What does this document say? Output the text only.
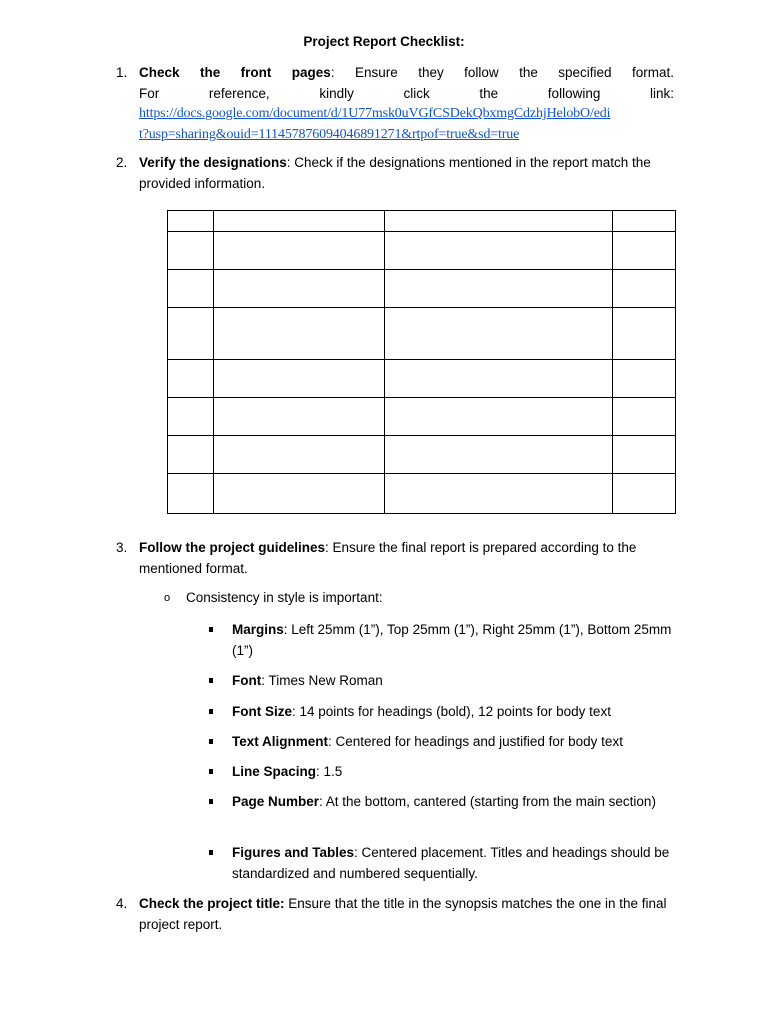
Project Report Checklist:
1. Check the front pages: Ensure they follow the specified format.
For reference, kindly click the following link:
https://docs.google.com/document/d/1U77msk0uVGfCSDekQbxmgCdzhjHelobO/edi
t?usp=sharing&ouid=111457876094046891271&rtpof=true&sd=true
2. Verify the designations: Check if the designations mentioned in the report match the provided information.

3. Follow the project guidelines: Ensure the final report is prepared according to the mentioned format.
o Consistency in style is important:
Margins: Left 25mm (1”), Top 25mm (1”), Right 25mm (1”), Bottom 25mm (1”)
Font: Times New Roman
Font Size: 14 points for headings (bold), 12 points for body text
Text Alignment: Centered for headings and justified for body text
Line Spacing: 1.5
Page Number: At the bottom, cantered (starting from the main section)
Figures and Tables: Centered placement. Titles and headings should be standardized and numbered sequentially.
4. Check the project title: Ensure that the title in the synopsis matches the one in the final project report.
